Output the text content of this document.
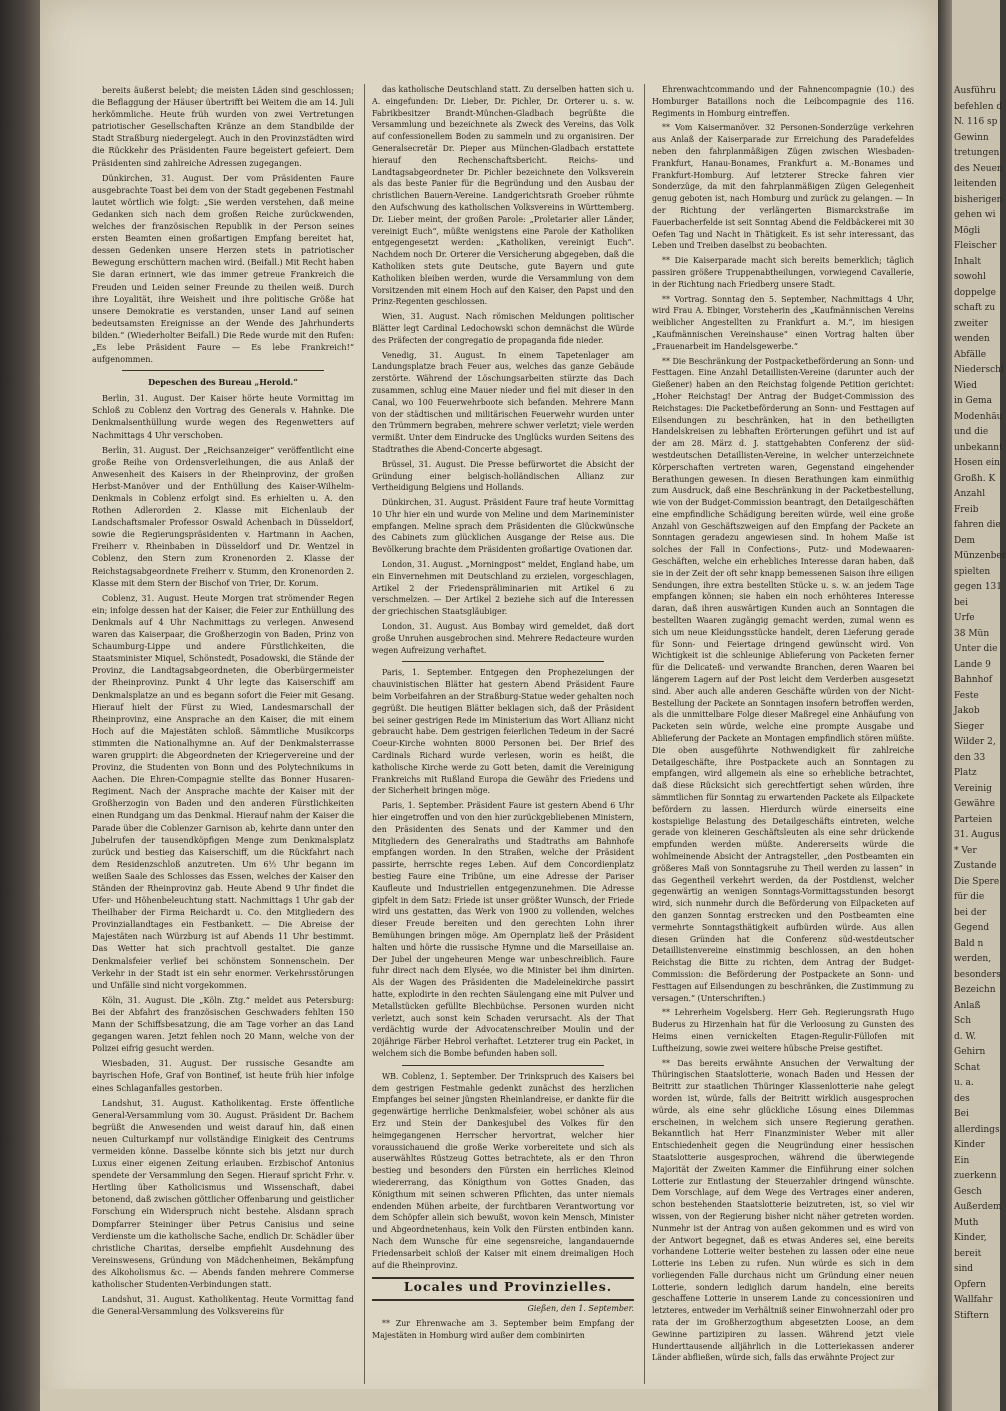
bereits äußerst belebt; die meisten Läden sind geschlossen; die Beflaggung der Häuser übertrifft bei Weitem die am 14. Juli herkömmliche. Heute früh wurden von zwei Vertretungen patriotischer Gesellschaften Kränze an dem Standbilde der Stadt Straßburg niedergelegt. Auch in den Provinzstädten wird die Rückkehr des Präsidenten Faure begeistert gefeiert. Dem Präsidenten sind zahlreiche Adressen zugegangen.

Dünkirchen, 31. August. Der vom Präsidenten Faure ausgebrachte Toast bei dem von der Stadt gegebenen Festmahl lautet wörtlich wie folgt: „Sie werden verstehen, daß meine Gedanken sich nach dem großen Reiche zurückwenden, welches der französischen Republik in der Person seines ersten Beamten einen großartigen Empfang bereitet hat, dessen Gedenken unsere Herzen stets in patriotischer Bewegung erschüttern machen wird. (Beifall.) Mit Recht haben Sie daran erinnert, wie das immer getreue Frankreich die Freuden und Leiden seiner Freunde zu theilen weiß. Durch ihre Loyalität, ihre Weisheit und ihre politische Größe hat unsere Demokratie es verstanden, unser Land auf seinen bedeutsamsten Ereignisse an der Wende des Jahrhunderts bilden.“ (Wiederholter Beifall.) Die Rede wurde mit den Rufen: „Es lebe Präsident Faure — Es lebe Frankreich!“ aufgenommen.

Depeschen des Bureau „Herold.“

Berlin, 31. August. Der Kaiser hörte heute Vormittag im Schloß zu Coblenz den Vortrag des Generals v. Hahnke. Die Denkmalsenthüllung wurde wegen des Regenwetters auf Nachmittags 4 Uhr verschoben.

Berlin, 31. August. Der „Reichsanzeiger“ veröffentlicht eine große Reihe von Ordensverleihungen, die aus Anlaß der Anwesenheit des Kaisers in der Rheinprovinz, der großen Herbst-Manöver und der Enthüllung des Kaiser-Wilhelm-Denkmals in Coblenz erfolgt sind. Es erhielten u. A. den Rothen Adlerorden 2. Klasse mit Eichenlaub der Landschaftsmaler Professor Oswald Achenbach in Düsseldorf, sowie die Regierungspräsidenten v. Hartmann in Aachen, Freiherr v. Rheinbaben in Düsseldorf und Dr. Wentzel in Coblenz, den Stern zum Kronenorden 2. Klasse der Reichstagsabgeordnete Freiherr v. Stumm, den Kronenorden 2. Klasse mit dem Stern der Bischof von Trier, Dr. Korum.

Coblenz, 31. August. Heute Morgen trat strömender Regen ein; infolge dessen hat der Kaiser, die Feier zur Enthüllung des Denkmals auf 4 Uhr Nachmittags zu verlegen. Anwesend waren das Kaiserpaar, die Großherzogin von Baden, Prinz von Schaumburg-Lippe und andere Fürstlichkeiten, die Staatsminister Miquel, Schönstedt, Posadowski, die Stände der Provinz, die Landtagsabgeordneten, die Oberbürgermeister der Rheinprovinz. Punkt 4 Uhr legte das Kaiserschiff am Denkmalsplatze an und es begann sofort die Feier mit Gesang. Hierauf hielt der Fürst zu Wied, Landesmarschall der Rheinprovinz, eine Ansprache an den Kaiser, die mit einem Hoch auf die Majestäten schloß. Sämmtliche Musikcorps stimmten die Nationalhymne an. Auf der Denkmalsterrasse waren gruppirt: die Abgeordneten der Kriegervereine und der Provinz, die Studenten von Bonn und des Polytechnikums in Aachen. Die Ehren-Compagnie stellte das Bonner Husaren-Regiment. Nach der Ansprache machte der Kaiser mit der Großherzogin von Baden und den anderen Fürstlichkeiten einen Rundgang um das Denkmal. Hierauf nahm der Kaiser die Parade über die Coblenzer Garnison ab, kehrte dann unter den Jubelrufen der tausendköpfigen Menge zum Denkmalsplatz zurück und bestieg das Kaiserschiff, um die Rückfahrt nach dem Residenzschloß anzutreten. Um 6½ Uhr begann im weißen Saale des Schlosses das Essen, welches der Kaiser den Ständen der Rheinprovinz gab. Heute Abend 9 Uhr findet die Ufer- und Höhenbeleuchtung statt. Nachmittags 1 Uhr gab der Theilhaber der Firma Reichardt u. Co. den Mitgliedern des Provinziallandtages ein Festbankett. — Die Abreise der Majestäten nach Würzburg ist auf Abends 11 Uhr bestimmt. Das Wetter hat sich prachtvoll gestaltet. Die ganze Denkmalsfeier verlief bei schönstem Sonnenschein. Der Verkehr in der Stadt ist ein sehr enormer. Verkehrsstörungen und Unfälle sind nicht vorgekommen.

Köln, 31. August. Die „Köln. Ztg.“ meldet aus Petersburg: Bei der Abfahrt des französischen Geschwaders fehlten 150 Mann der Schiffsbesatzung, die am Tage vorher an das Land gegangen waren. Jetzt fehlen noch 20 Mann, welche von der Polizei eifrig gesucht werden.

Wiesbaden, 31. August. Der russische Gesandte am bayrischen Hofe, Graf von Bontinef, ist heute früh hier infolge eines Schlaganfalles gestorben.

Landshut, 31. August. Katholikentag. Erste öffentliche General-Versammlung vom 30. August. Präsident Dr. Bachem begrüßt die Anwesenden und weist darauf hin, daß einen neuen Culturkampf nur vollständige Einigkeit des Centrums vermeiden könne. Dasselbe könnte sich bis jetzt nur durch Luxus einer eigenen Zeitung erlauben. Erzbischof Antonius spendete der Versammlung den Segen. Hierauf spricht Frhr. v. Hertling über Katholicismus und Wissenschaft, dabei betonend, daß zwischen göttlicher Offenbarung und geistlicher Forschung ein Widerspruch nicht bestehe. Alsdann sprach Dompfarrer Steininger über Petrus Canisius und seine Verdienste um die katholische Sache, endlich Dr. Schädler über christliche Charitas, derselbe empfiehlt Ausdehnung des Vereinswesens, Gründung von Mädchenheimen, Bekämpfung des Alkoholismus &c. — Abends fanden mehrere Commerse katholischer Studenten-Verbindungen statt.

Landshut, 31. August. Katholikentag. Heute Vormittag fand die General-Versammlung des Volksvereins für

das katholische Deutschland statt. Zu derselben hatten sich u. A. eingefunden: Dr. Lieber, Dr. Pichler, Dr. Orterer u. s. w. Fabrikbesitzer Brandt-München-Gladbach begrüßte die Versammlung und bezeichnete als Zweck des Vereins, das Volk auf confessionellem Boden zu sammeln und zu organisiren. Der Generalsecretär Dr. Pieper aus München-Gladbach erstattete hierauf den Rechenschaftsbericht. Reichs- und Landtagsabgeordneter Dr. Pichler bezeichnete den Volksverein als das beste Panier für die Begründung und den Ausbau der christlichen Bauern-Vereine. Landgerichtsrath Groeber rühmte den Aufschwung des katholischen Volksvereins in Württemberg. Dr. Lieber meint, der großen Parole: „Proletarier aller Länder, vereinigt Euch“, müßte wenigstens eine Parole der Katholiken entgegengesetzt werden: „Katholiken, vereinigt Euch“. Nachdem noch Dr. Orterer die Versicherung abgegeben, daß die Katholiken stets gute Deutsche, gute Bayern und gute Katholiken bleiben werden, wurde die Versammlung von dem Vorsitzenden mit einem Hoch auf den Kaiser, den Papst und den Prinz-Regenten geschlossen.

Wien, 31. August. Nach römischen Meldungen politischer Blätter legt Cardinal Ledochowski schon demnächst die Würde des Präfecten der congregatio de propaganda fide nieder.

Venedig, 31. August. In einem Tapetenlager am Landungsplatze brach Feuer aus, welches das ganze Gebäude zerstörte. Während der Löschungsarbeiten stürzte das Dach zusammen, schlug eine Mauer nieder und fiel mit dieser in den Canal, wo 100 Feuerwehrboote sich befanden. Mehrere Mann von der städtischen und militärischen Feuerwehr wurden unter den Trümmern begraben, mehrere schwer verletzt; viele werden vermißt. Unter dem Eindrucke des Unglücks wurden Seitens des Stadtrathes die Abend-Concerte abgesagt.

Brüssel, 31. August. Die Presse befürwortet die Absicht der Gründung einer belgisch-holländischen Allianz zur Vertheidigung Belgiens und Hollands.

Dünkirchen, 31. August. Präsident Faure traf heute Vormittag 10 Uhr hier ein und wurde von Meline und dem Marineminister empfangen. Meline sprach dem Präsidenten die Glückwünsche des Cabinets zum glücklichen Ausgange der Reise aus. Die Bevölkerung brachte dem Präsidenten großartige Ovationen dar.

London, 31. August. „Morningpost“ meldet, England habe, um ein Einvernehmen mit Deutschland zu erzielen, vorgeschlagen, Artikel 2 der Friedenspräliminarien mit Artikel 6 zu verschmelzen. — Der Artikel 2 beziehe sich auf die Interessen der griechischen Staatsgläubiger.

London, 31. August. Aus Bombay wird gemeldet, daß dort große Unruhen ausgebrochen sind. Mehrere Redacteure wurden wegen Aufreizung verhaftet.

Paris, 1. September. Entgegen den Prophezeiungen der chauvinistischen Blätter hat gestern Abend Präsident Faure beim Vorbeifahren an der Straßburg-Statue weder gehalten noch gegrüßt. Die heutigen Blätter beklagen sich, daß der Präsident bei seiner gestrigen Rede im Ministerium das Wort Allianz nicht gebraucht habe. Dem gestrigen feierlichen Tedeum in der Sacré Coeur-Kirche wohnten 8000 Personen bei. Der Brief des Cardinals Richard wurde verlesen, worin es heißt, die katholische Kirche werde zu Gott beten, damit die Vereinigung Frankreichs mit Rußland Europa die Gewähr des Friedens und der Sicherheit bringen möge.

Paris, 1. September. Präsident Faure ist gestern Abend 6 Uhr hier eingetroffen und von den hier zurückgebliebenen Ministern, den Präsidenten des Senats und der Kammer und den Mitgliedern des Generalraths und Stadtraths am Bahnhofe empfangen worden. In den Straßen, welche der Präsident passirte, herrschte reges Leben. Auf dem Concordienplatz bestieg Faure eine Tribüne, um eine Adresse der Pariser Kaufleute und Industriellen entgegenzunehmen. Die Adresse gipfelt in dem Satz: Friede ist unser größter Wunsch, der Friede wird uns gestatten, das Werk von 1900 zu vollenden, welches dieser Freude bereiten und den gerechten Lohn ihrer Bemühungen bringen möge. Am Opernplatz ließ der Präsident halten und hörte die russische Hymne und die Marseillaise an. Der Jubel der ungeheuren Menge war unbeschreiblich. Faure fuhr direct nach dem Elysée, wo die Minister bei ihm dinirten. Als der Wagen des Präsidenten die Madeleinekirche passirt hatte, explodirte in den rechten Säulengang eine mit Pulver und Metallstücken gefüllte Blechbüchse. Personen wurden nicht verletzt, auch sonst kein Schaden verursacht. Als der That verdächtig wurde der Advocatenschreiber Moulin und der 20jährige Färber Hebrol verhaftet. Letzterer trug ein Packet, in welchem sich die Bombe befunden haben soll.

WB. Coblenz, 1. September. Der Trinkspruch des Kaisers bei dem gestrigen Festmahle gedenkt zunächst des herzlichen Empfanges bei seiner jüngsten Rheinlandreise, er dankte für die gegenwärtige herrliche Denkmalsfeier, wobei schöner als aus Erz und Stein der Dankesjubel des Volkes für den heimgegangenen Herrscher hervortrat, welcher hier voraussichauend die große Werke vorbereitete und sich als auserwähltes Rüstzeug Gottes betrachtete, als er den Thron bestieg und besonders den Fürsten ein herrliches Kleinod wiedererrang, das Königthum von Gottes Gnaden, das Königthum mit seinen schweren Pflichten, das unter niemals endenden Mühen arbeite, der furchtbaren Verantwortung vor dem Schöpfer allein sich bewußt, wovon kein Mensch, Minister und Abgeordnetenhaus, kein Volk den Fürsten entbinden kann. Nach dem Wunsche für eine segensreiche, langandauernde Friedensarbeit schloß der Kaiser mit einem dreimaligen Hoch auf die Rheinprovinz.

Locales und Provinzielles.

Gießen, den 1. September.

** Zur Ehrenwache am 3. September beim Empfang der Majestäten in Homburg wird außer dem combinirten

Ehrenwachtcommando und der Fahnencompagnie (10.) des Homburger Bataillons noch die Leibcompagnie des 116. Regiments in Homburg eintreffen.

** Vom Kaisermanöver. 32 Personen-Sonderzüge verkehren aus Anlaß der Kaiserparade zur Erreichung des Paradefeldes neben den fahrplanmäßigen Zügen zwischen Wiesbaden-Frankfurt, Hanau-Bonames, Frankfurt a. M.-Bonames und Frankfurt-Homburg. Auf letzterer Strecke fahren vier Sonderzüge, da mit den fahrplanmäßigen Zügen Gelegenheit genug geboten ist, nach Homburg und zurück zu gelangen. — In der Richtung der verlängerten Bismarckstraße im Fauerbacherfelde ist seit Sonntag Abend die Feldbäckerei mit 30 Oefen Tag und Nacht in Thätigkeit. Es ist sehr interessant, das Leben und Treiben daselbst zu beobachten.

** Die Kaiserparade macht sich bereits bemerklich; täglich passiren größere Truppenabtheilungen, vorwiegend Cavallerie, in der Richtung nach Friedberg unsere Stadt.

** Vortrag. Sonntag den 5. September, Nachmittags 4 Uhr, wird Frau A. Ebinger, Vorsteherin des „Kaufmännischen Vereins weiblicher Angestellten zu Frankfurt a. M.“, im hiesigen „Kaufmännischen Vereinshause“ einen Vortrag halten über „Frauenarbeit im Handelsgewerbe.“

** Die Beschränkung der Postpacketbeförderung an Sonn- und Festtagen. Eine Anzahl Detaillisten-Vereine (darunter auch der Gießener) haben an den Reichstag folgende Petition gerichtet: „Hoher Reichstag! Der Antrag der Budget-Commission des Reichstages: Die Packetbeförderung an Sonn- und Festtagen auf Eilsendungen zu beschränken, hat in den betheiligten Handelskreisen zu lebhaften Erörterungen geführt und ist auf der am 28. März d. J. stattgehabten Conferenz der süd-westdeutschen Detaillisten-Vereine, in welcher unterzeichnete Körperschaften vertreten waren, Gegenstand eingehender Berathungen gewesen. In diesen Berathungen kam einmüthig zum Ausdruck, daß eine Beschränkung in der Packetbestellung, wie von der Budget-Commission beantragt, den Detailgeschäften eine empfindliche Schädigung bereiten würde, weil eine große Anzahl von Geschäftszweigen auf den Empfang der Packete an Sonntagen geradezu angewiesen sind. In hohem Maße ist solches der Fall in Confections-, Putz- und Modewaaren-Geschäften, welche ein erhebliches Interesse daran haben, daß sie in der Zeit der oft sehr knapp bemessenen Saison ihre eiligen Sendungen, ihre extra bestellten Stücke u. s. w. an jedem Tage empfangen können; sie haben ein noch erhöhteres Interesse daran, daß ihren auswärtigen Kunden auch an Sonntagen die bestellten Waaren zugängig gemacht werden, zumal wenn es sich um neue Kleidungsstücke handelt, deren Lieferung gerade für Sonn- und Feiertage dringend gewünscht wird. Von Wichtigkeit ist die schleunige Ablieferung von Packeten ferner für die Delicateß- und verwandte Branchen, deren Waaren bei längerem Lagern auf der Post leicht dem Verderben ausgesetzt sind. Aber auch alle anderen Geschäfte würden von der Nicht-Bestellung der Packete an Sonntagen insofern betroffen werden, als die unmittelbare Folge dieser Maßregel eine Anhäufung von Packeten sein würde, welche eine prompte Ausgabe und Ablieferung der Packete an Montagen empfindlich stören müßte. Die oben ausgeführte Nothwendigkeit für zahlreiche Detailgeschäfte, ihre Postpackete auch an Sonntagen zu empfangen, wird allgemein als eine so erhebliche betrachtet, daß diese Rücksicht sich gerechtfertigt sehen würden, ihre sämmtlichen für Sonntag zu erwartenden Packete als Eilpackete befördern zu lassen. Hierdurch würde einerseits eine kostspielige Belastung des Detailgeschäfts eintreten, welche gerade von kleineren Geschäftsleuten als eine sehr drückende empfunden werden müßte. Andererseits würde die wohlmeinende Absicht der Antragsteller, „den Postbeamten ein größeres Maß von Sonntagsruhe zu Theil werden zu lassen“ in das Gegentheil verkehrt werden, da der Postdienst, welcher gegenwärtig an wenigen Sonntags-Vormittagsstunden besorgt wird, sich nunmehr durch die Beförderung von Eilpacketen auf den ganzen Sonntag erstrecken und den Postbeamten eine vermehrte Sonntagsthätigkeit aufbürden würde. Aus allen diesen Gründen hat die Conferenz süd-westdeutscher Detaillistenvereine einstimmig beschlossen, an den hohen Reichstag die Bitte zu richten, dem Antrag der Budget-Commission: die Beförderung der Postpackete an Sonn- und Festtagen auf Eilsendungen zu beschränken, die Zustimmung zu versagen.“ (Unterschriften.)

** Lehrerheim Vogelsberg. Herr Geh. Regierungsrath Hugo Buderus zu Hirzenhain hat für die Verloosung zu Gunsten des Heims einen vernickelten Etagen-Regulir-Füllofen mit Luftheizung, sowie zwei weitere hübsche Preise gestiftet.

** Das bereits erwähnte Ansuchen der Verwaltung der Thüringischen Staatslotterie, wonach Baden und Hessen der Beitritt zur staatlichen Thüringer Klassenlotterie nahe gelegt worden ist, würde, falls der Beitritt wirklich ausgesprochen würde, als eine sehr glückliche Lösung eines Dilemmas erscheinen, in welchem sich unsere Regierung gerathen. Bekanntlich hat Herr Finanzminister Weber mit aller Entschiedenheit gegen die Neugründung einer hessischen Staatslotterie ausgesprochen, während die überwiegende Majorität der Zweiten Kammer die Einführung einer solchen Lotterie zur Entlastung der Steuerzahler dringend wünschte. Dem Vorschlage, auf dem Wege des Vertrages einer anderen, schon bestehenden Staatslotterie beizutreten, ist, so viel wir wissen, von der Regierung bisher nicht näher getreten worden. Nunmehr ist der Antrag von außen gekommen und es wird von der Antwort begegnet, daß es etwas Anderes sei, eine bereits vorhandene Lotterie weiter bestehen zu lassen oder eine neue Lotterie ins Leben zu rufen. Nun würde es sich in dem vorliegenden Falle durchaus nicht um Gründung einer neuen Lotterie, sondern lediglich darum handeln, eine bereits geschaffene Lotterie in unserem Lande zu concessioniren und letzteres, entweder im Verhältniß seiner Einwohnerzahl oder pro rata der im Großherzogthum abgesetzten Loose, an dem Gewinne partizipiren zu lassen. Während jetzt viele Hunderttausende alljährlich in die Lotteriekassen anderer Länder abfließen, würde sich, falls das erwähnte Project zur

Ausführu
befehlen d
N. 116 sp
Gewinn
tretungen
des Neuen
leitenden
bisherigen
gehen wi
Mögli
Fleischer
Inhalt
sowohl
doppelge
schaft zu
zweiter
wenden
Abfälle
Niederschl
Wied
in Gema
Modenhäu
und die
unbekannt
Hosen ein
Großh. K
Anzahl
Freib
fahren die
Dem
Münzenber
spielten
gegen 131
bei
Urfe
38 Mün
Unter die
Lande 9
Bahnhof
Feste
Jakob
Sieger
Wilder 2,
den 33
Platz
Vereinig
Gewähre
Parteien
31. Augus
* Ver
Zustande
Die Spere
für die
bei der
Gegend
Bald n
werden,
besonders
Bezeichn
Anlaß
Sch
d. W.
Gehirn
Schat
u. a.
des
Bei
allerdings
Kinder
Ein
zuerkenn
Gesch
Außerdem
Muth
Kinder,
bereit
sind
Opfern
Wallfahr
Stiftern
